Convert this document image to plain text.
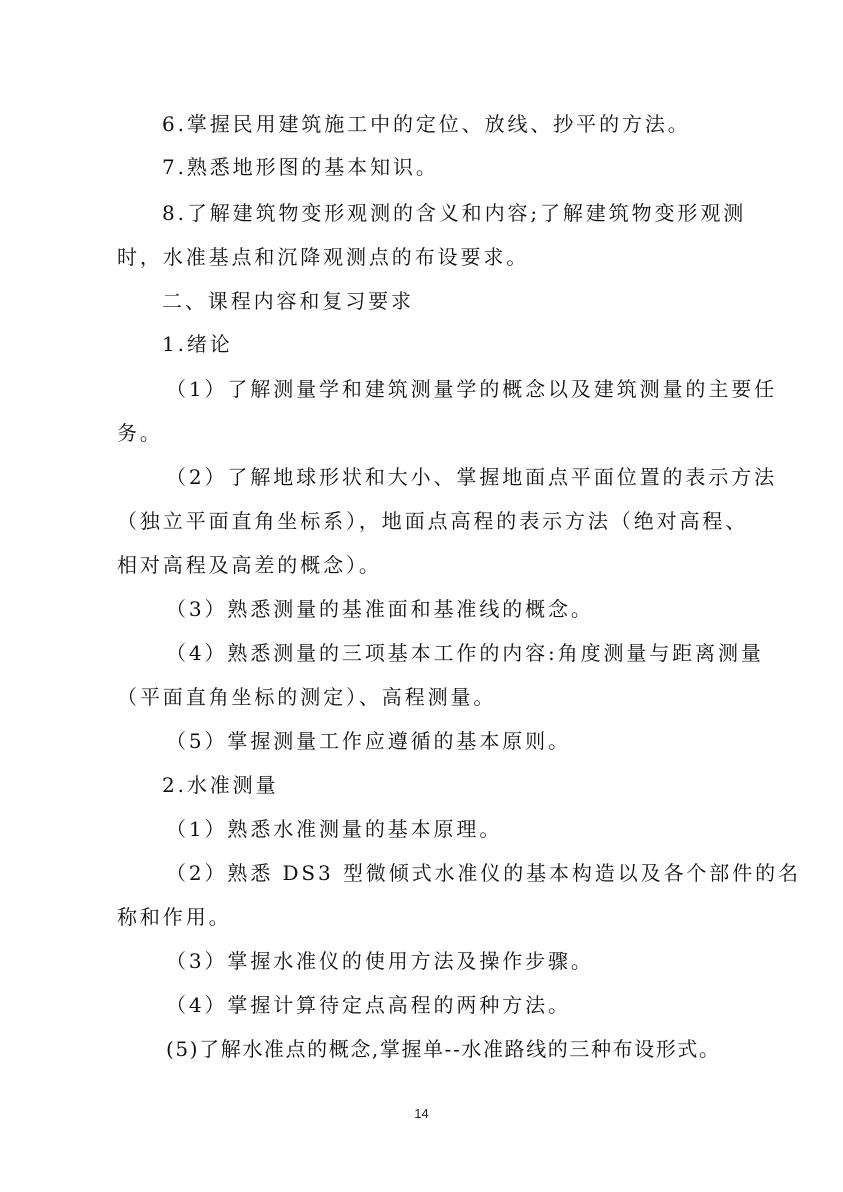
6.掌握民用建筑施工中的定位、放线、抄平的方法。
7.熟悉地形图的基本知识。
8.了解建筑物变形观测的含义和内容;了解建筑物变形观测
时，水准基点和沉降观测点的布设要求。
二、课程内容和复习要求
1.绪论
（1）了解测量学和建筑测量学的概念以及建筑测量的主要任
务。
（2）了解地球形状和大小、掌握地面点平面位置的表示方法
（独立平面直角坐标系），地面点高程的表示方法（绝对高程、
相对高程及高差的概念）。
（3）熟悉测量的基准面和基准线的概念。
（4）熟悉测量的三项基本工作的内容:角度测量与距离测量
（平面直角坐标的测定）、高程测量。
（5）掌握测量工作应遵循的基本原则。
2.水准测量
（1）熟悉水准测量的基本原理。
（2）熟悉 DS3 型微倾式水准仪的基本构造以及各个部件的名
称和作用。
（3）掌握水准仪的使用方法及操作步骤。
（4）掌握计算待定点高程的两种方法。
(5)了解水准点的概念,掌握单--水准路线的三种布设形式。
14
